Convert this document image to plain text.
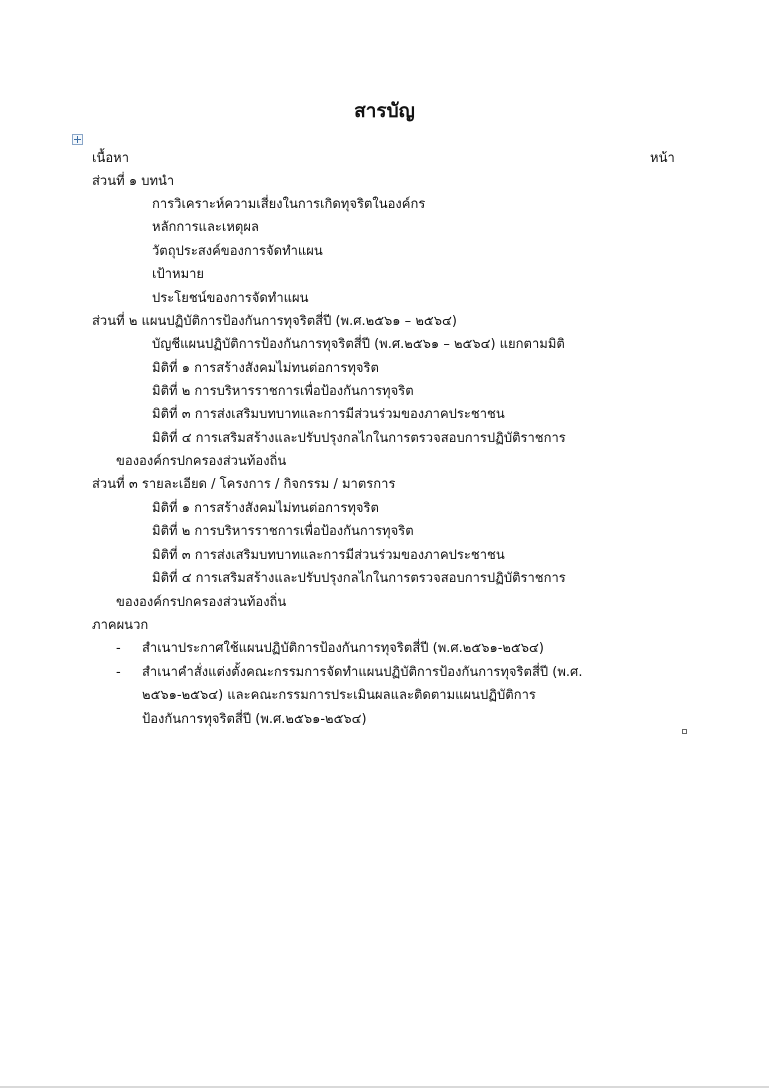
สารบัญ
เนื้อหา	หน้า
ส่วนที่ ๑ บทนำ
การวิเคราะห์ความเสี่ยงในการเกิดทุจริตในองค์กร
หลักการและเหตุผล
วัตถุประสงค์ของการจัดทำแผน
เป้าหมาย
ประโยชน์ของการจัดทำแผน
ส่วนที่ ๒ แผนปฏิบัติการป้องกันการทุจริตสี่ปี (พ.ศ.๒๕๖๑ – ๒๕๖๔)
บัญชีแผนปฏิบัติการป้องกันการทุจริตสี่ปี (พ.ศ.๒๕๖๑ – ๒๕๖๔) แยกตามมิติ
มิติที่ ๑ การสร้างสังคมไม่ทนต่อการทุจริต
มิติที่ ๒ การบริหารราชการเพื่อป้องกันการทุจริต
มิติที่ ๓ การส่งเสริมบทบาทและการมีส่วนร่วมของภาคประชาชน
มิติที่ ๔ การเสริมสร้างและปรับปรุงกลไกในการตรวจสอบการปฏิบัติราชการ
ขององค์กรปกครองส่วนท้องถิ่น
ส่วนที่ ๓ รายละเอียด / โครงการ / กิจกรรม / มาตรการ
มิติที่ ๑ การสร้างสังคมไม่ทนต่อการทุจริต
มิติที่ ๒ การบริหารราชการเพื่อป้องกันการทุจริต
มิติที่ ๓ การส่งเสริมบทบาทและการมีส่วนร่วมของภาคประชาชน
มิติที่ ๔ การเสริมสร้างและปรับปรุงกลไกในการตรวจสอบการปฏิบัติราชการ
ขององค์กรปกครองส่วนท้องถิ่น
ภาคผนวก
- สำเนาประกาศใช้แผนปฏิบัติการป้องกันการทุจริตสี่ปี (พ.ศ.๒๕๖๑-๒๕๖๔)
- สำเนาคำสั่งแต่งตั้งคณะกรรมการจัดทำแผนปฏิบัติการป้องกันการทุจริตสี่ปี (พ.ศ.
๒๕๖๑-๒๕๖๔) และคณะกรรมการประเมินผลและติดตามแผนปฏิบัติการ
ป้องกันการทุจริตสี่ปี (พ.ศ.๒๕๖๑-๒๕๖๔)
